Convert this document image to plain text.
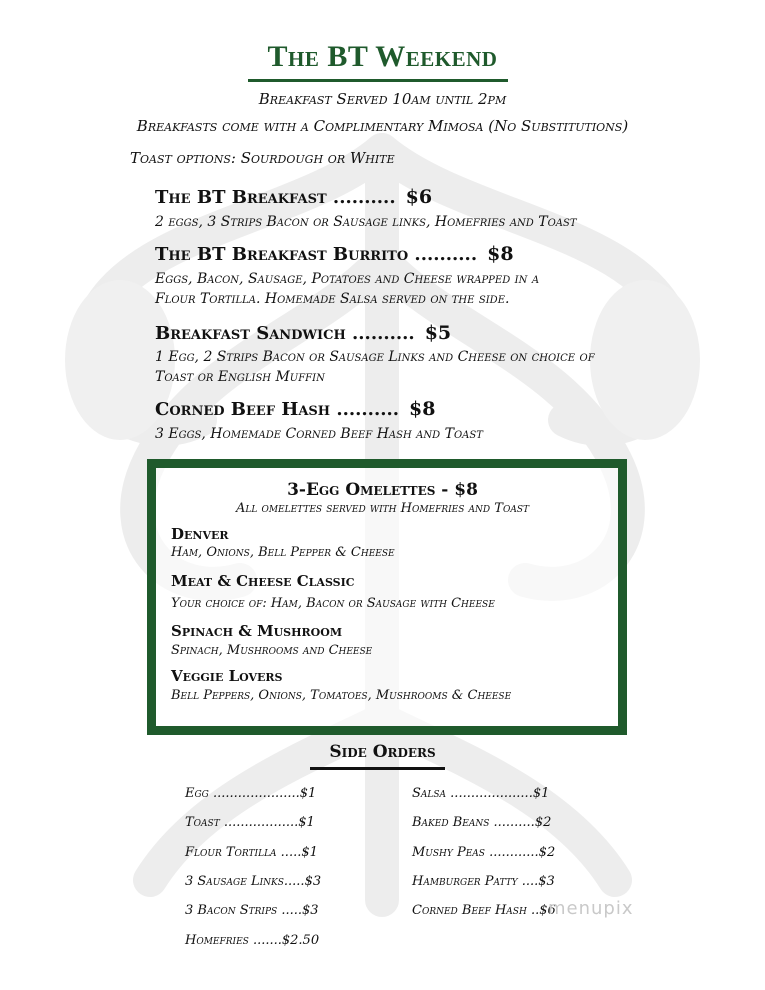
The BT Weekend
Breakfast Served 10am until 2pm
Breakfasts come with a Complimentary Mimosa (No Substitutions)
Toast options: Sourdough or White
The BT Breakfast .......... $6
2 eggs, 3 Strips Bacon or Sausage links, Homefries and Toast
The BT Breakfast Burrito .......... $8
Eggs, Bacon, Sausage, Potatoes and Cheese wrapped in a
Flour Tortilla. Homemade Salsa served on the side.
Breakfast Sandwich .......... $5
1 Egg, 2 Strips Bacon or Sausage Links and Cheese on choice of
Toast or English Muffin
Corned Beef Hash .......... $8
3 Eggs, Homemade Corned Beef Hash and Toast
3-Egg Omelettes - $8
All omelettes served with Homefries and Toast
Denver
Ham, Onions, Bell Pepper & Cheese
Meat & Cheese Classic
Your choice of: Ham, Bacon or Sausage with Cheese
Spinach & Mushroom
Spinach, Mushrooms and Cheese
Veggie Lovers
Bell Peppers, Onions, Tomatoes, Mushrooms & Cheese
Side Orders
Egg .....................$1
Toast ..................$1
Flour Tortilla .....$1
3 Sausage Links.....$3
3 Bacon Strips .....$3
Homefries .......$2.50
Salsa ....................$1
Baked Beans ..........$2
Mushy Peas ............$2
Hamburger Patty ....$3
Corned Beef Hash ..$6
menupix
